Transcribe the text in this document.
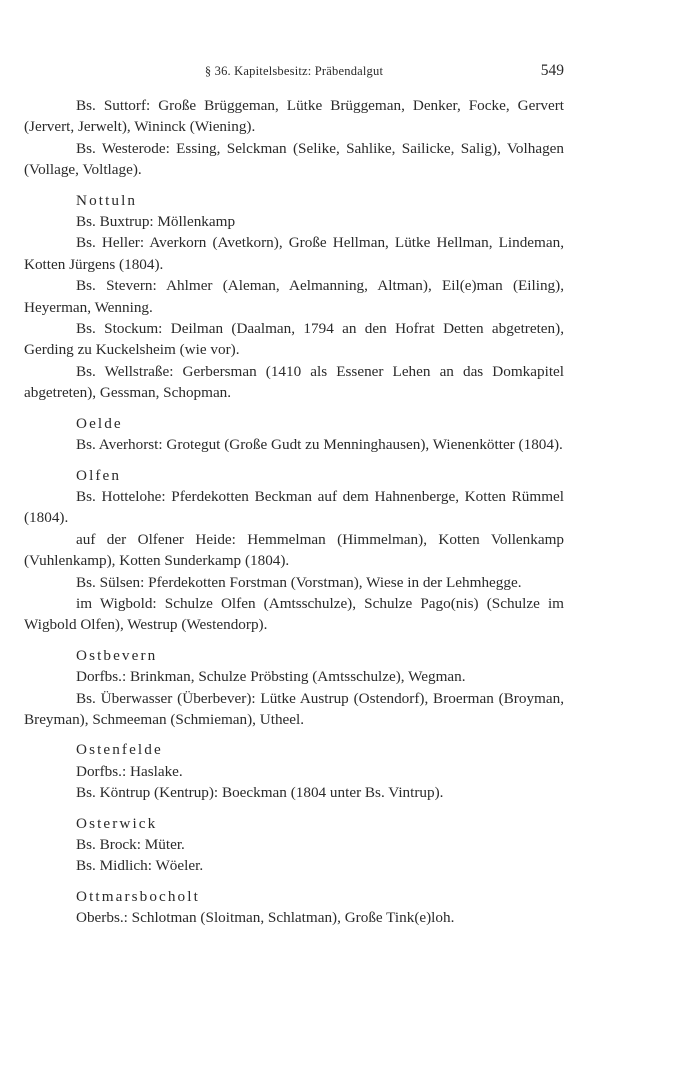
§ 36. Kapitelsbesitz: Präbendalgut	549

Bs. Suttorf: Große Brüggeman, Lütke Brüggeman, Denker, Focke, Gervert (Jervert, Jerwelt), Wininck (Wiening).

Bs. Westerode: Essing, Selckman (Selike, Sahlike, Sailicke, Salig), Volhagen (Vollage, Voltlage).

Nottuln

Bs. Buxtrup: Möllenkamp

Bs. Heller: Averkorn (Avetkorn), Große Hellman, Lütke Hellman, Lindeman, Kotten Jürgens (1804).

Bs. Stevern: Ahlmer (Aleman, Aelmanning, Altman), Eil(e)man (Eiling), Heyerman, Wenning.

Bs. Stockum: Deilman (Daalman, 1794 an den Hofrat Detten abgetreten), Gerding zu Kuckelsheim (wie vor).

Bs. Wellstraße: Gerbersman (1410 als Essener Lehen an das Domkapitel abgetreten), Gessman, Schopman.

Oelde

Bs. Averhorst: Grotegut (Große Gudt zu Menninghausen), Wienenkötter (1804).

Olfen

Bs. Hottelohe: Pferdekotten Beckman auf dem Hahnenberge, Kotten Rümmel (1804).

auf der Olfener Heide: Hemmelman (Himmelman), Kotten Vollenkamp (Vuhlenkamp), Kotten Sunderkamp (1804).

Bs. Sülsen: Pferdekotten Forstman (Vorstman), Wiese in der Lehmhegge.

im Wigbold: Schulze Olfen (Amtsschulze), Schulze Pago(nis) (Schulze im Wigbold Olfen), Westrup (Westendorp).

Ostbevern

Dorfbs.: Brinkman, Schulze Pröbsting (Amtsschulze), Wegman.

Bs. Überwasser (Überbever): Lütke Austrup (Ostendorf), Broerman (Broyman, Breyman), Schmeeman (Schmieman), Utheel.

Ostenfelde

Dorfbs.: Haslake.

Bs. Köntrup (Kentrup): Boeckman (1804 unter Bs. Vintrup).

Osterwick

Bs. Brock: Müter.

Bs. Midlich: Wöeler.

Ottmarsbocholt

Oberbs.: Schlotman (Sloitman, Schlatman), Große Tink(e)loh.
